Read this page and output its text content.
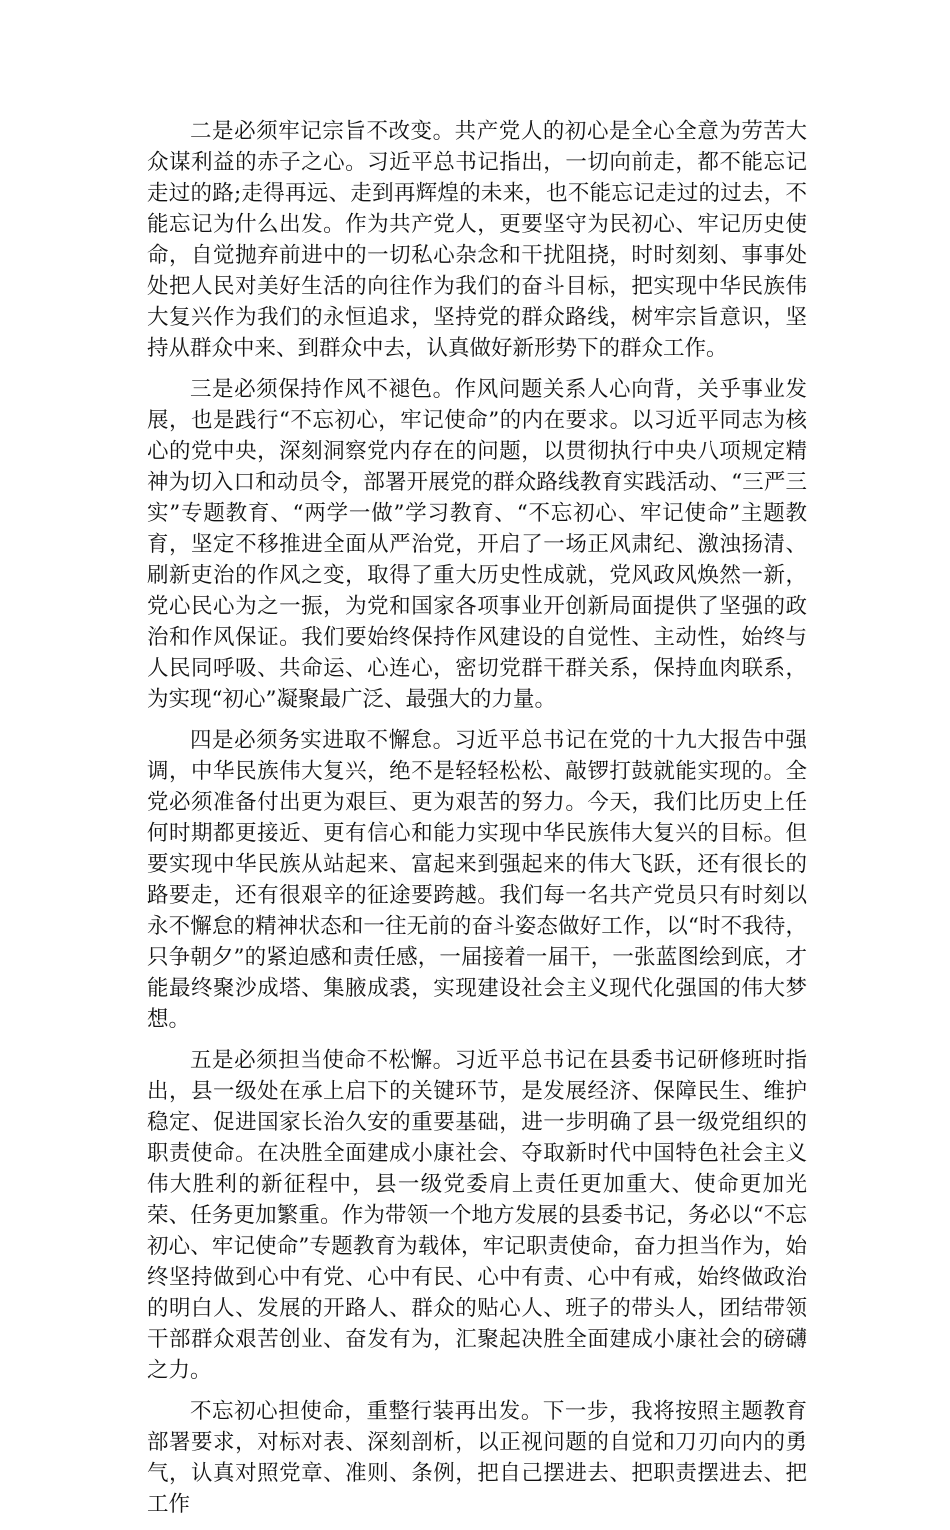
二是必须牢记宗旨不改变。共产党人的初心是全心全意为劳苦大众谋利益的赤子之心。习近平总书记指出，一切向前走，都不能忘记走过的路;走得再远、走到再辉煌的未来，也不能忘记走过的过去，不能忘记为什么出发。作为共产党人，更要坚守为民初心、牢记历史使命，自觉抛弃前进中的一切私心杂念和干扰阻挠，时时刻刻、事事处处把人民对美好生活的向往作为我们的奋斗目标，把实现中华民族伟大复兴作为我们的永恒追求，坚持党的群众路线，树牢宗旨意识，坚持从群众中来、到群众中去，认真做好新形势下的群众工作。

三是必须保持作风不褪色。作风问题关系人心向背，关乎事业发展，也是践行“不忘初心，牢记使命”的内在要求。以习近平同志为核心的党中央，深刻洞察党内存在的问题，以贯彻执行中央八项规定精神为切入口和动员令，部署开展党的群众路线教育实践活动、“三严三实”专题教育、“两学一做”学习教育、“不忘初心、牢记使命”主题教育，坚定不移推进全面从严治党，开启了一场正风肃纪、激浊扬清、刷新吏治的作风之变，取得了重大历史性成就，党风政风焕然一新，党心民心为之一振，为党和国家各项事业开创新局面提供了坚强的政治和作风保证。我们要始终保持作风建设的自觉性、主动性，始终与人民同呼吸、共命运、心连心，密切党群干群关系，保持血肉联系，为实现“初心”凝聚最广泛、最强大的力量。

四是必须务实进取不懈怠。习近平总书记在党的十九大报告中强调，中华民族伟大复兴，绝不是轻轻松松、敲锣打鼓就能实现的。全党必须准备付出更为艰巨、更为艰苦的努力。今天，我们比历史上任何时期都更接近、更有信心和能力实现中华民族伟大复兴的目标。但要实现中华民族从站起来、富起来到强起来的伟大飞跃，还有很长的路要走，还有很艰辛的征途要跨越。我们每一名共产党员只有时刻以永不懈怠的精神状态和一往无前的奋斗姿态做好工作，以“时不我待，只争朝夕”的紧迫感和责任感，一届接着一届干，一张蓝图绘到底，才能最终聚沙成塔、集腋成裘，实现建设社会主义现代化强国的伟大梦想。

五是必须担当使命不松懈。习近平总书记在县委书记研修班时指出，县一级处在承上启下的关键环节，是发展经济、保障民生、维护稳定、促进国家长治久安的重要基础，进一步明确了县一级党组织的职责使命。在决胜全面建成小康社会、夺取新时代中国特色社会主义伟大胜利的新征程中，县一级党委肩上责任更加重大、使命更加光荣、任务更加繁重。作为带领一个地方发展的县委书记，务必以“不忘初心、牢记使命”专题教育为载体，牢记职责使命，奋力担当作为，始终坚持做到心中有党、心中有民、心中有责、心中有戒，始终做政治的明白人、发展的开路人、群众的贴心人、班子的带头人，团结带领干部群众艰苦创业、奋发有为，汇聚起决胜全面建成小康社会的磅礴之力。

不忘初心担使命，重整行装再出发。下一步，我将按照主题教育部署要求，对标对表、深刻剖析，以正视问题的自觉和刀刃向内的勇气，认真对照党章、准则、条例，把自己摆进去、把职责摆进去、把工作
